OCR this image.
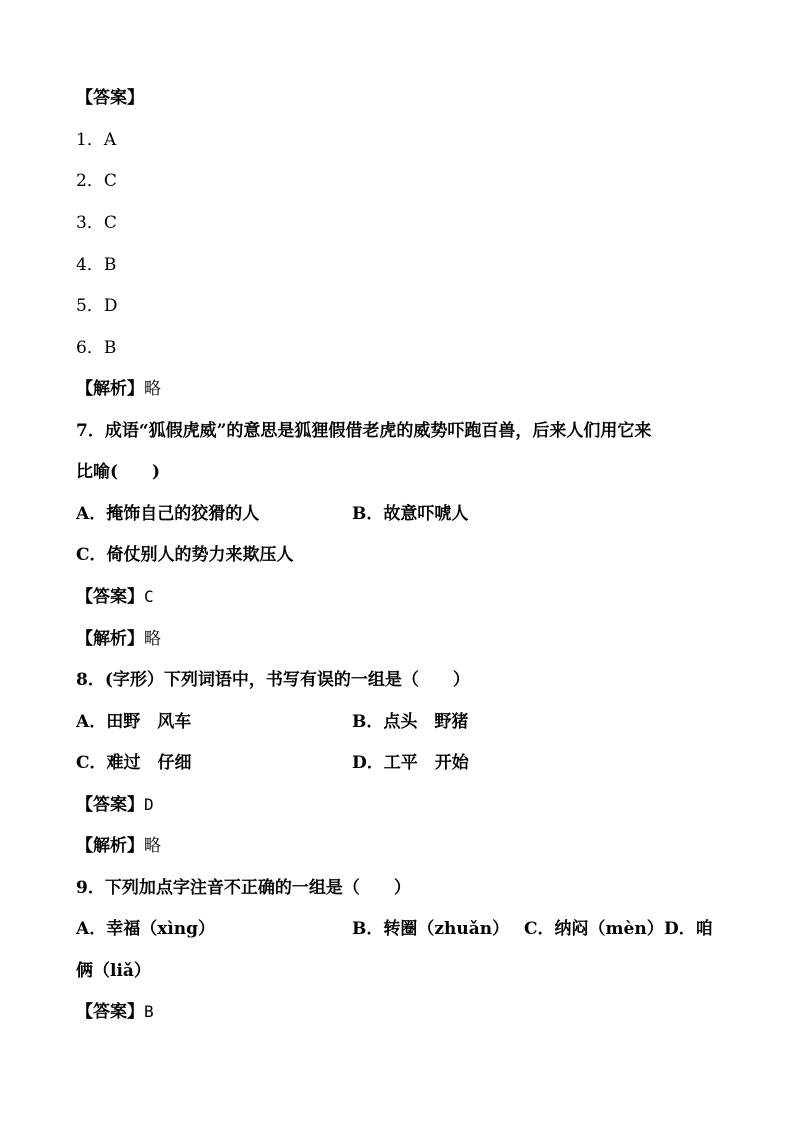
【答案】
1．A
2．C
3．C
4．B
5．D
6．B
【解析】略
7．成语“狐假虎威”的意思是狐狸假借老虎的威势吓跑百兽，后来人们用它来
比喻(　　)
A．掩饰自己的狡猾的人	B．故意吓唬人
C．倚仗别人的势力来欺压人
【答案】C
【解析】略
8．(字形）下列词语中，书写有误的一组是（　　）
A．田野　风车	B．点头　野猪
C．难过　仔细	D．工平　开始
【答案】D
【解析】略
9．下列加点字注音不正确的一组是（　　）
A．幸福（xìng）	B．转圈（zhuǎn） C．纳闷（mèn） D．咱
俩（liǎ）
【答案】B
